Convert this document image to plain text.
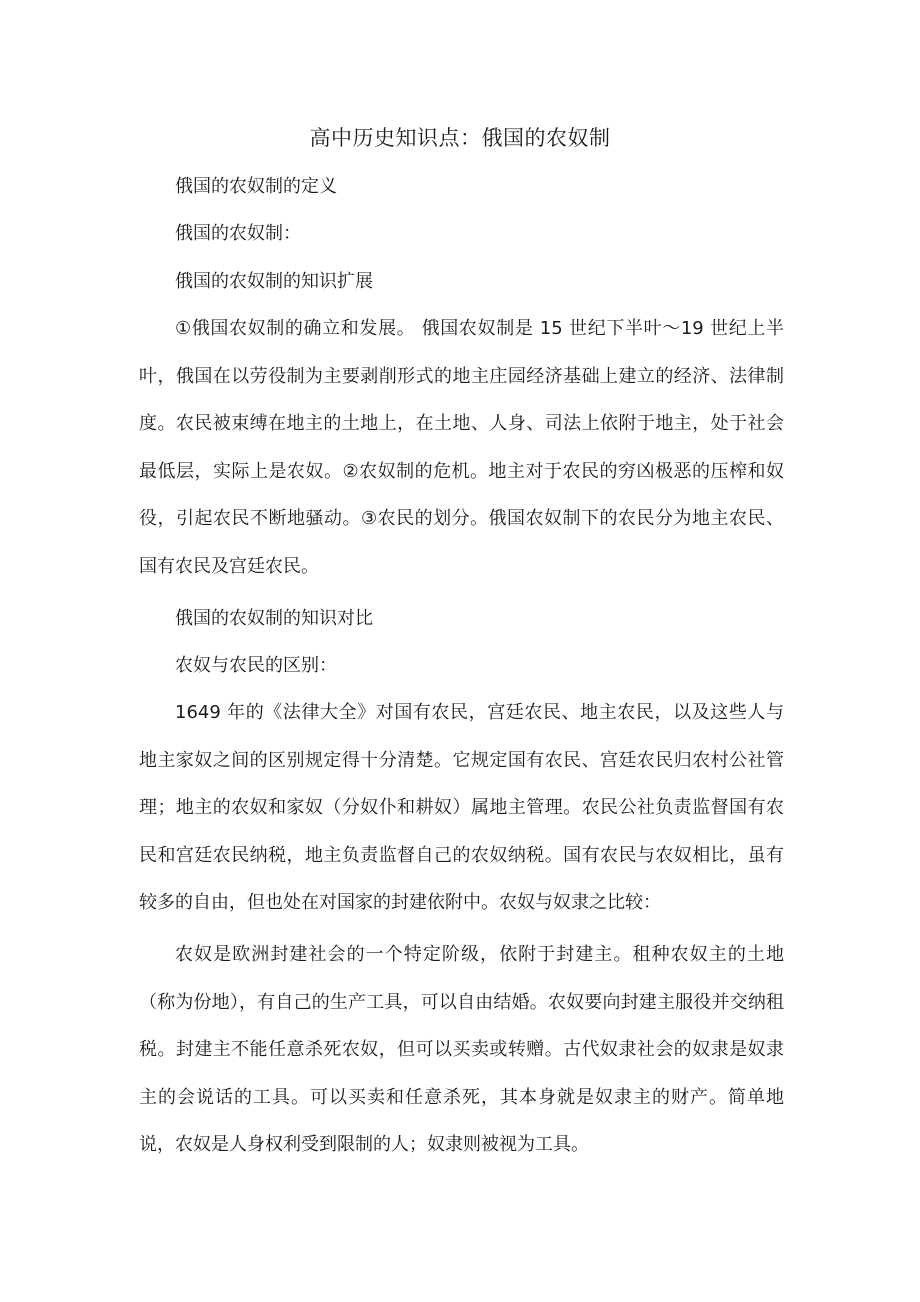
高中历史知识点：俄国的农奴制

俄国的农奴制的定义

俄国的农奴制：

俄国的农奴制的知识扩展

①俄国农奴制的确立和发展。 俄国农奴制是 15 世纪下半叶～19 世纪上半叶，俄国在以劳役制为主要剥削形式的地主庄园经济基础上建立的经济、法律制度。农民被束缚在地主的土地上，在土地、人身、司法上依附于地主，处于社会最低层，实际上是农奴。②农奴制的危机。地主对于农民的穷凶极恶的压榨和奴役，引起农民不断地骚动。③农民的划分。俄国农奴制下的农民分为地主农民、国有农民及宫廷农民。

俄国的农奴制的知识对比

农奴与农民的区别：

1649 年的《法律大全》对国有农民，宫廷农民、地主农民，以及这些人与地主家奴之间的区别规定得十分清楚。它规定国有农民、宫廷农民归农村公社管理；地主的农奴和家奴（分奴仆和耕奴）属地主管理。农民公社负责监督国有农民和宫廷农民纳税，地主负责监督自己的农奴纳税。国有农民与农奴相比，虽有较多的自由，但也处在对国家的封建依附中。农奴与奴隶之比较：

农奴是欧洲封建社会的一个特定阶级，依附于封建主。租种农奴主的土地（称为份地），有自己的生产工具，可以自由结婚。农奴要向封建主服役并交纳租税。封建主不能任意杀死农奴，但可以买卖或转赠。古代奴隶社会的奴隶是奴隶主的会说话的工具。可以买卖和任意杀死，其本身就是奴隶主的财产。简单地说，农奴是人身权利受到限制的人；奴隶则被视为工具。
